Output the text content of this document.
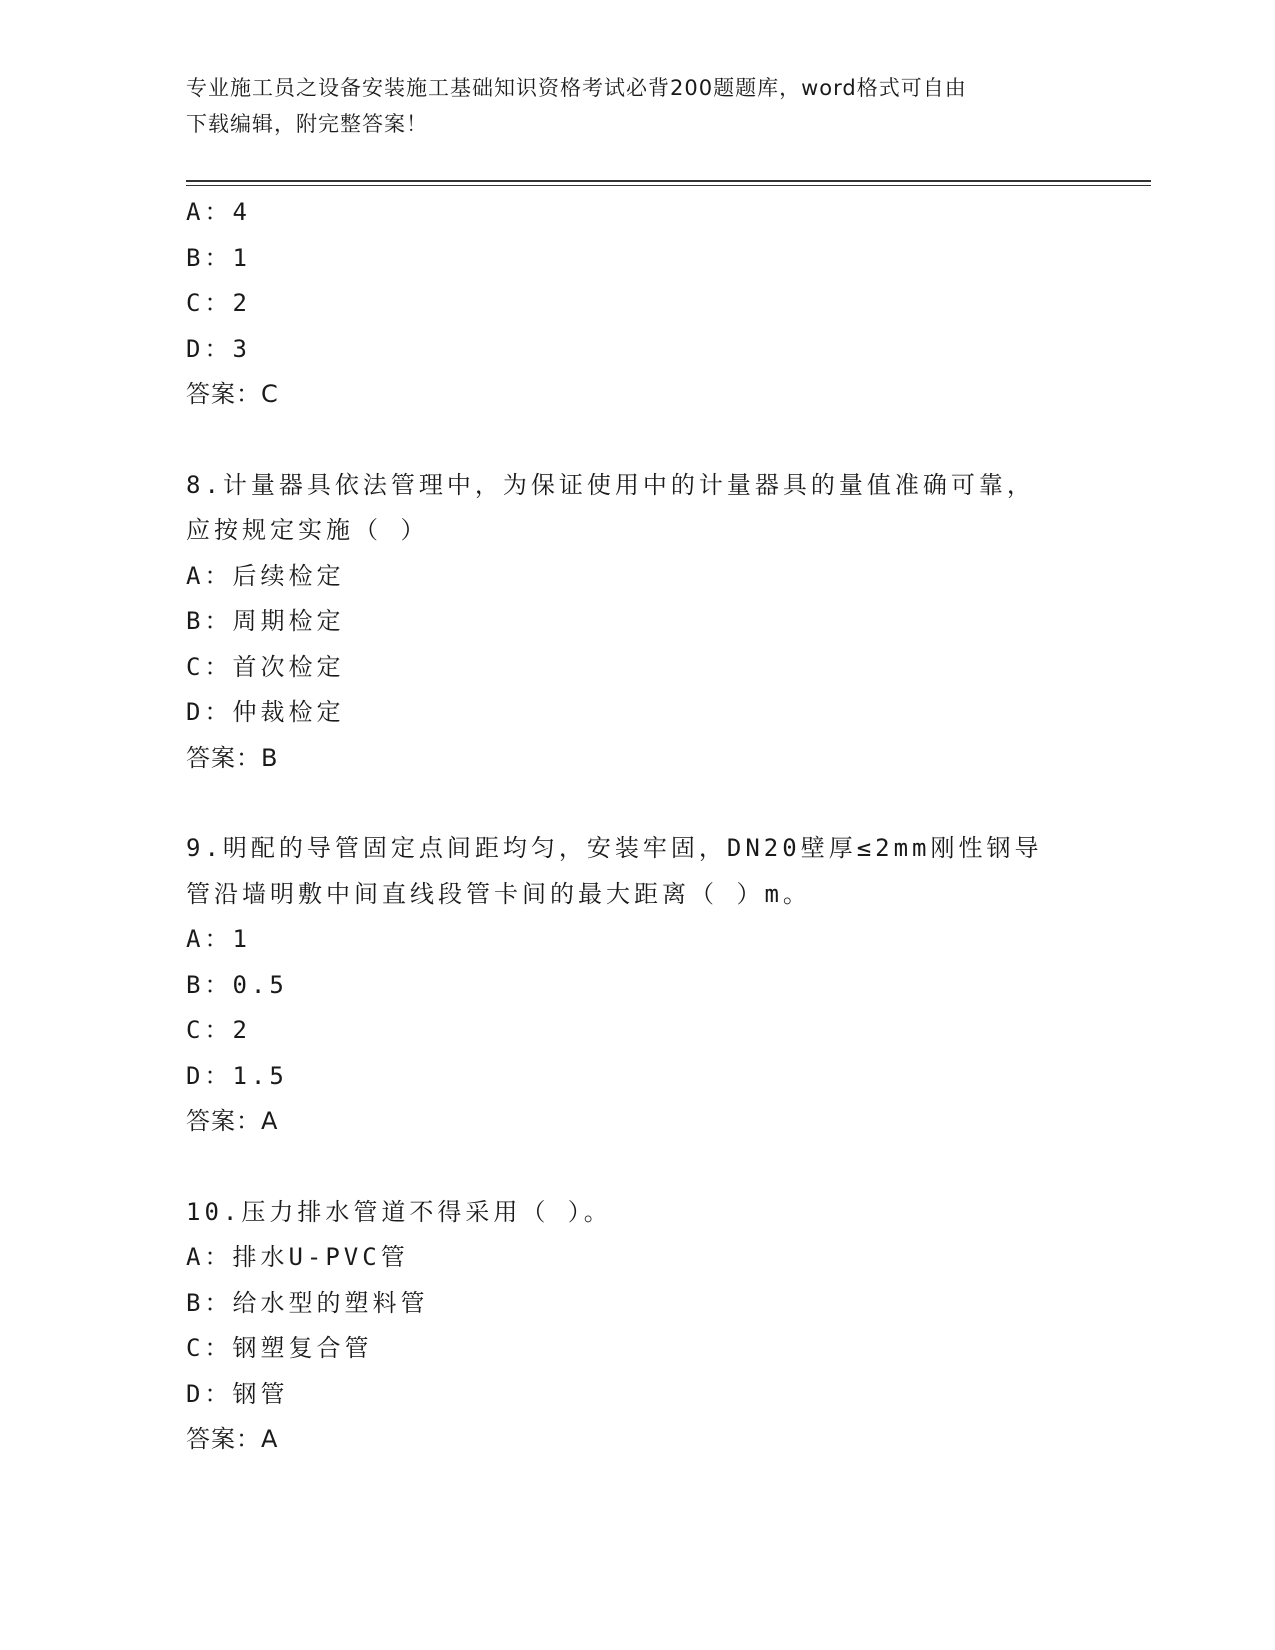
专业施工员之设备安装施工基础知识资格考试必背200题题库，word格式可自由
下载编辑，附完整答案！
A：4
B：1
C：2
D：3
答案：C
8.计量器具依法管理中，为保证使用中的计量器具的量值准确可靠，
应按规定实施（ ）
A：后续检定
B：周期检定
C：首次检定
D：仲裁检定
答案：B
9.明配的导管固定点间距均匀，安装牢固，DN20壁厚≤2mm刚性钢导
管沿墙明敷中间直线段管卡间的最大距离（ ）m。
A：1
B：0.5
C：2
D：1.5
答案：A
10.压力排水管道不得采用（ ）。
A：排水U-PVC管
B：给水型的塑料管
C：钢塑复合管
D：钢管
答案：A
